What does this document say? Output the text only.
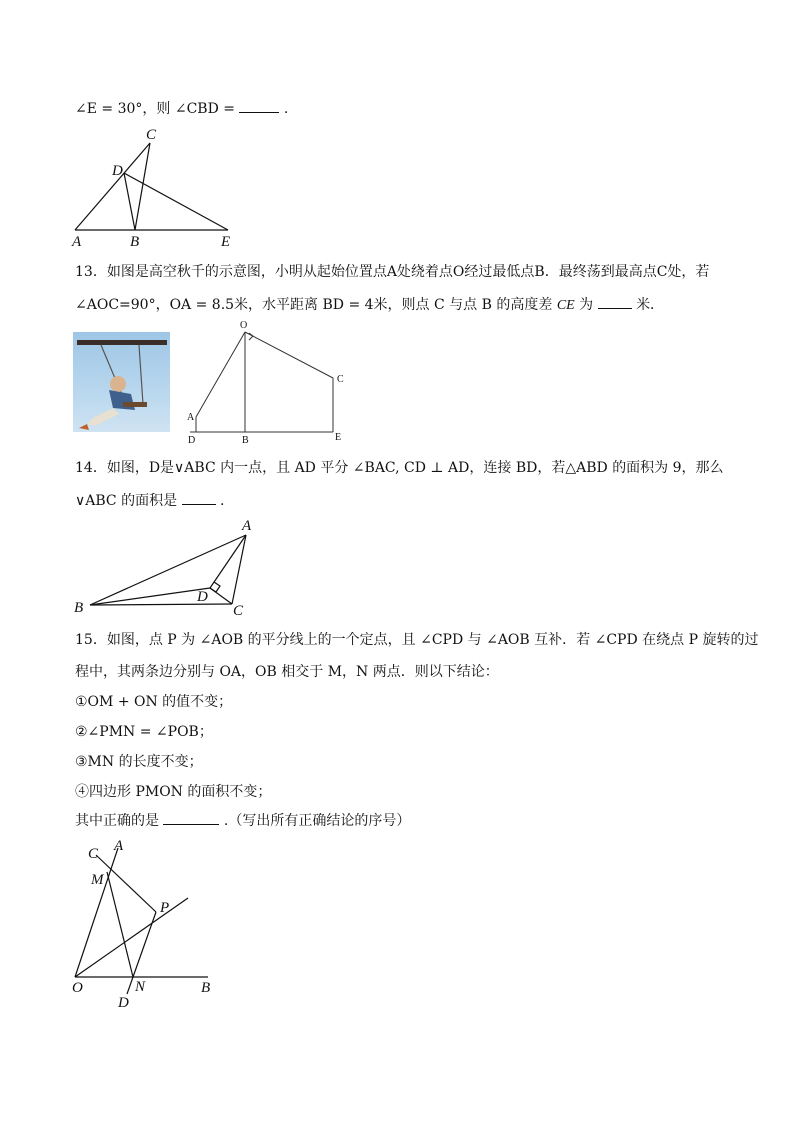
∠E = 30°，则 ∠CBD =	.
C
D
A	B	E
13．如图是高空秋千的示意图，小明从起始位置点A处绕着点O经过最低点B．最终荡到最高点C处，若
∠AOC=90°，OA = 8.5米，水平距离 BD = 4米，则点 C 与点 B 的高度差 CE 为	米．
O
A
C
D	B	E
14．如图，D是∨ABC 内一点，且 AD 平分 ∠BAC, CD ⊥ AD，连接 BD，若△ABD 的面积为 9，那么
∨ABC 的面积是	.
A
B
D
C
15．如图，点 P 为 ∠AOB 的平分线上的一个定点，且 ∠CPD 与 ∠AOB 互补．若 ∠CPD 在绕点 P 旋转的过
程中，其两条边分别与 OA，OB 相交于 M，N 两点．则以下结论：
①OM + ON 的值不变；
②∠PMN = ∠POB；
③MN 的长度不变；
④四边形 PMON 的面积不变；
其中正确的是	.（写出所有正确结论的序号）
C A
M
P
O	N	B
D
